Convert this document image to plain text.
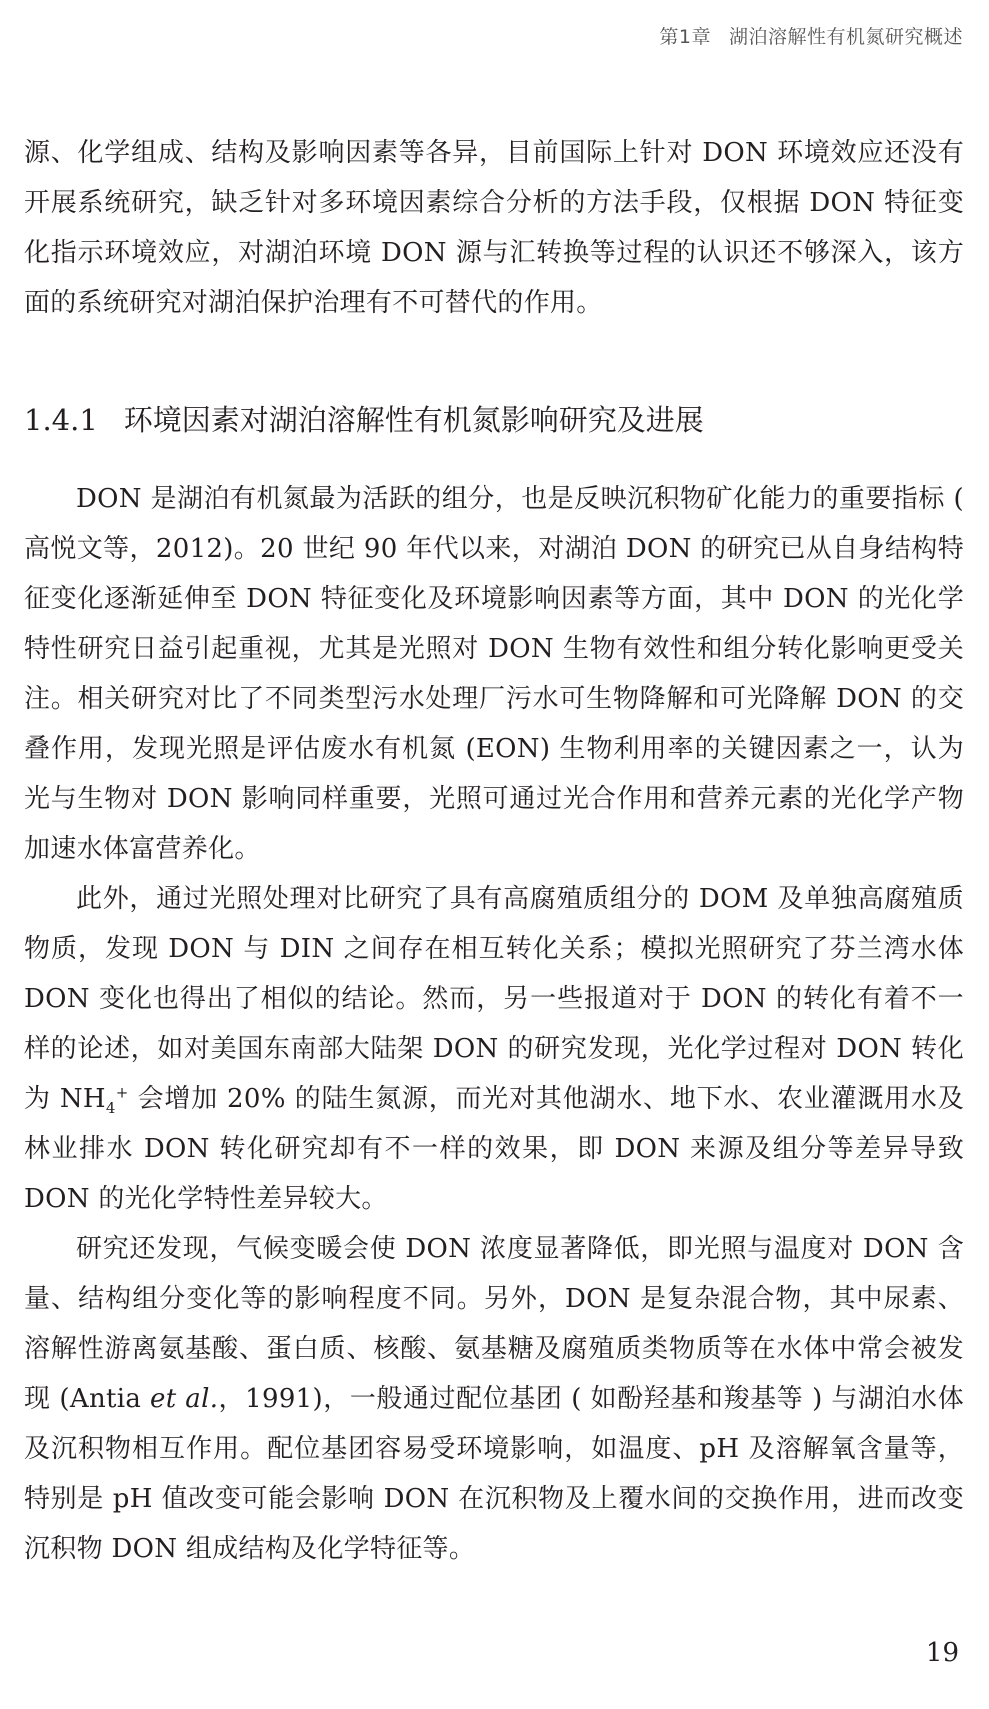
第1章 湖泊溶解性有机氮研究概述

源、化学组成、结构及影响因素等各异，目前国际上针对 DON 环境效应还没有开展系统研究，缺乏针对多环境因素综合分析的方法手段，仅根据 DON 特征变化指示环境效应，对湖泊环境 DON 源与汇转换等过程的认识还不够深入，该方面的系统研究对湖泊保护治理有不可替代的作用。

1.4.1 环境因素对湖泊溶解性有机氮影响研究及进展

DON 是湖泊有机氮最为活跃的组分，也是反映沉积物矿化能力的重要指标 ( 高悦文等，2012)。20 世纪 90 年代以来，对湖泊 DON 的研究已从自身结构特征变化逐渐延伸至 DON 特征变化及环境影响因素等方面，其中 DON 的光化学特性研究日益引起重视，尤其是光照对 DON 生物有效性和组分转化影响更受关注。相关研究对比了不同类型污水处理厂污水可生物降解和可光降解 DON 的交叠作用，发现光照是评估废水有机氮 (EON) 生物利用率的关键因素之一，认为光与生物对 DON 影响同样重要，光照可通过光合作用和营养元素的光化学产物加速水体富营养化。

此外，通过光照处理对比研究了具有高腐殖质组分的 DOM 及单独高腐殖质物质，发现 DON 与 DIN 之间存在相互转化关系；模拟光照研究了芬兰湾水体 DON 变化也得出了相似的结论。然而，另一些报道对于 DON 的转化有着不一样的论述，如对美国东南部大陆架 DON 的研究发现，光化学过程对 DON 转化为 $NH_4^+$ 会增加 20% 的陆生氮源，而光对其他湖水、地下水、农业灌溉用水及林业排水 DON 转化研究却有不一样的效果，即 DON 来源及组分等差异导致 DON 的光化学特性差异较大。

研究还发现，气候变暖会使 DON 浓度显著降低，即光照与温度对 DON 含量、结构组分变化等的影响程度不同。另外，DON 是复杂混合物，其中尿素、溶解性游离氨基酸、蛋白质、核酸、氨基糖及腐殖质类物质等在水体中常会被发现 (Antia et al.，1991)，一般通过配位基团 ( 如酚羟基和羧基等 ) 与湖泊水体及沉积物相互作用。配位基团容易受环境影响，如温度、pH 及溶解氧含量等，特别是 pH 值改变可能会影响 DON 在沉积物及上覆水间的交换作用，进而改变沉积物 DON 组成结构及化学特征等。

19
